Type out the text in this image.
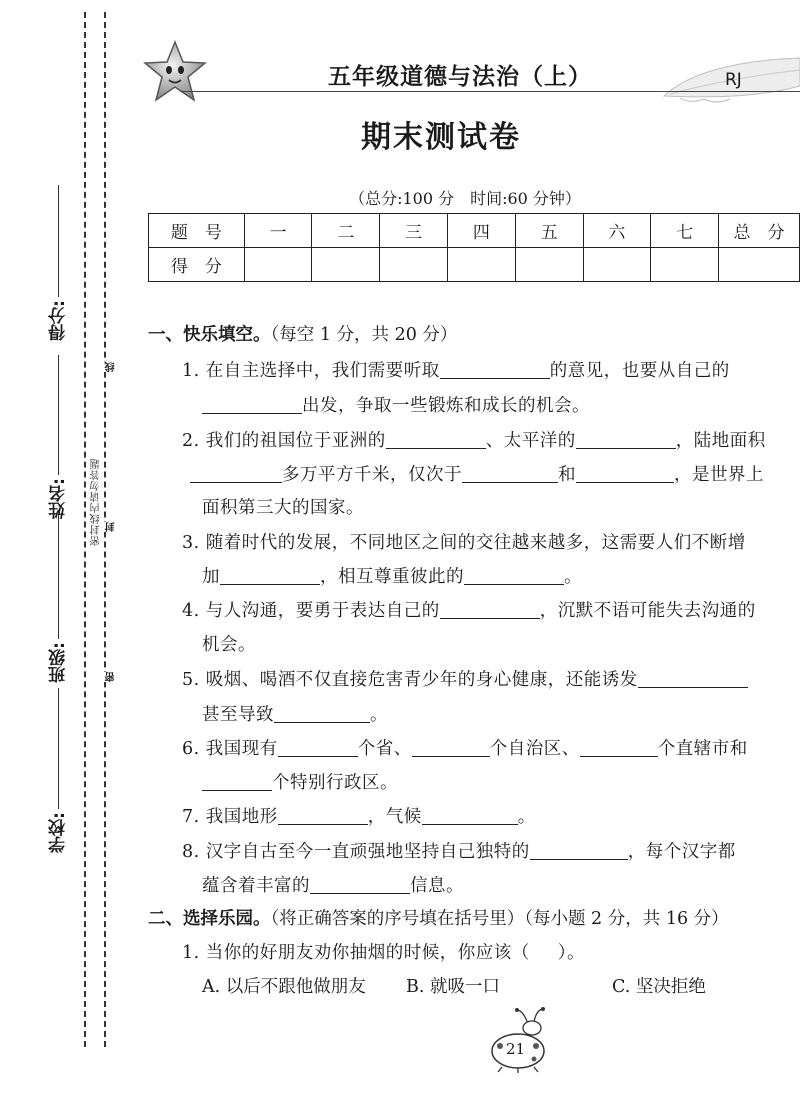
得分:
姓名:
班级:
学校:
密封线内请勿答题
线
封
密
五年级道德与法治（上）	RJ
期末测试卷
（总分:100 分　时间:60 分钟）
题　号	一	二	三	四	五	六	七	总　分
得　分								
一、快乐填空。（每空 1 分，共 20 分）
1. 在自主选择中，我们需要听取	的意见，也要从自己的
出发，争取一些锻炼和成长的机会。
2. 我们的祖国位于亚洲的	、太平洋的	，陆地面积
多万平方千米，仅次于	和	，是世界上
面积第三大的国家。
3. 随着时代的发展，不同地区之间的交往越来越多，这需要人们不断增
加	，相互尊重彼此的	。
4. 与人沟通，要勇于表达自己的	，沉默不语可能失去沟通的
机会。
5. 吸烟、喝酒不仅直接危害青少年的身心健康，还能诱发
甚至导致	。
6. 我国现有	个省、	个自治区、	个直辖市和
个特别行政区。
7. 我国地形	，气候	。
8. 汉字自古至今一直顽强地坚持自己独特的	，每个汉字都
蕴含着丰富的	信息。
二、选择乐园。（将正确答案的序号填在括号里）（每小题 2 分，共 16 分）
1. 当你的好朋友劝你抽烟的时候，你应该（ ）。
A. 以后不跟他做朋友 B. 就吸一口	C. 坚决拒绝
21
